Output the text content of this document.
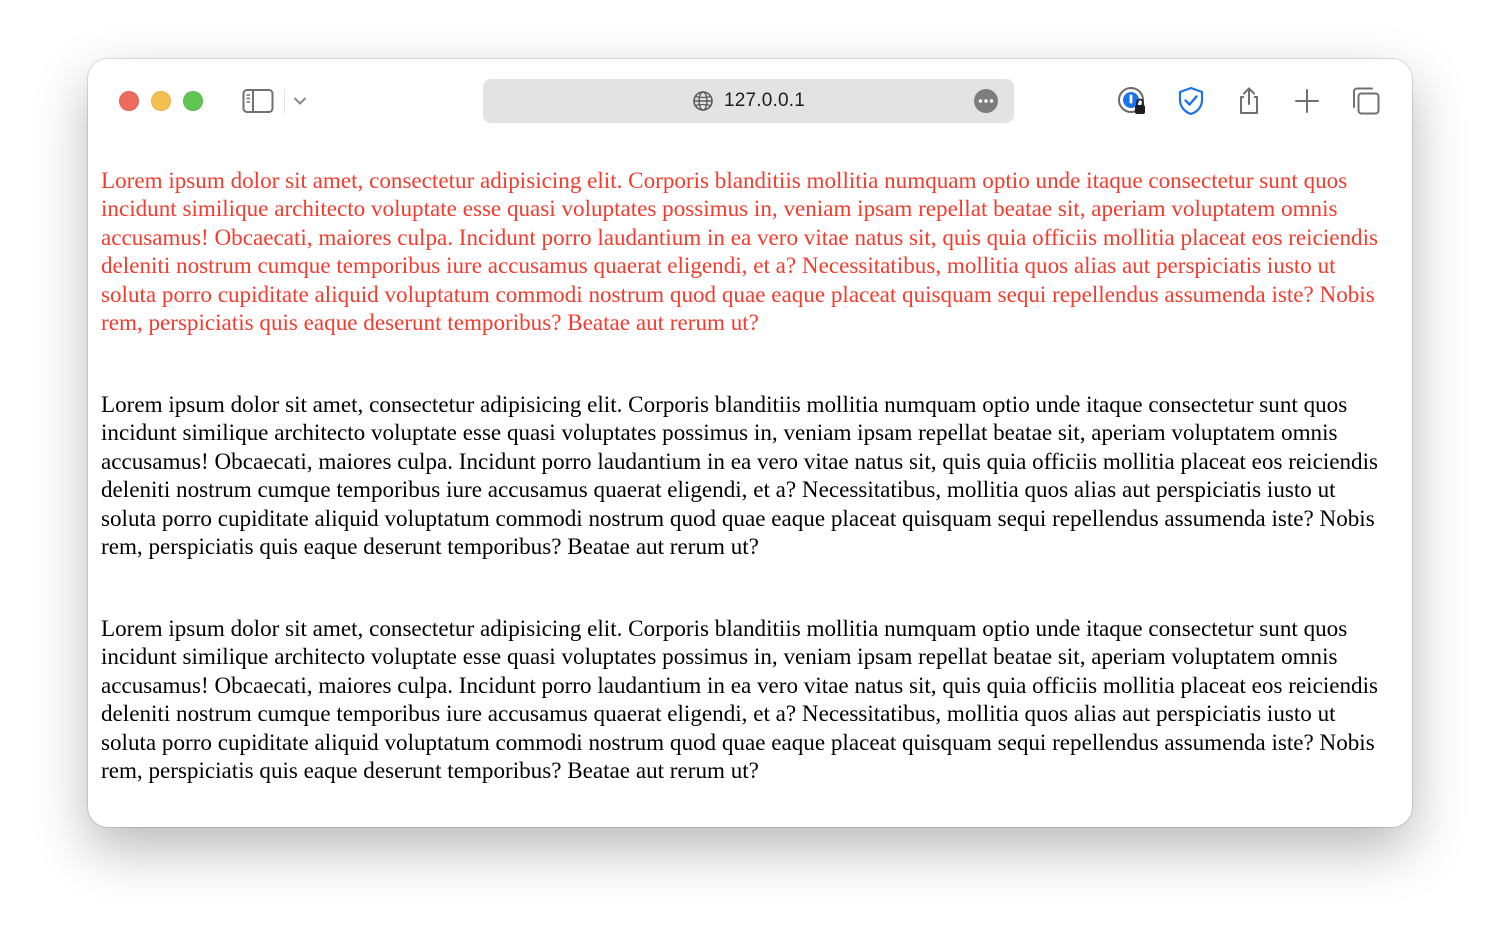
127.0.0.1

Lorem ipsum dolor sit amet, consectetur adipisicing elit. Corporis blanditiis mollitia numquam optio unde itaque consectetur sunt quos incidunt similique architecto voluptate esse quasi voluptates possimus in, veniam ipsam repellat beatae sit, aperiam voluptatem omnis accusamus! Obcaecati, maiores culpa. Incidunt porro laudantium in ea vero vitae natus sit, quis quia officiis mollitia placeat eos reiciendis deleniti nostrum cumque temporibus iure accusamus quaerat eligendi, et a? Necessitatibus, mollitia quos alias aut perspiciatis iusto ut soluta porro cupiditate aliquid voluptatum commodi nostrum quod quae eaque placeat quisquam sequi repellendus assumenda iste? Nobis rem, perspiciatis quis eaque deserunt temporibus? Beatae aut rerum ut?

Lorem ipsum dolor sit amet, consectetur adipisicing elit. Corporis blanditiis mollitia numquam optio unde itaque consectetur sunt quos incidunt similique architecto voluptate esse quasi voluptates possimus in, veniam ipsam repellat beatae sit, aperiam voluptatem omnis accusamus! Obcaecati, maiores culpa. Incidunt porro laudantium in ea vero vitae natus sit, quis quia officiis mollitia placeat eos reiciendis deleniti nostrum cumque temporibus iure accusamus quaerat eligendi, et a? Necessitatibus, mollitia quos alias aut perspiciatis iusto ut soluta porro cupiditate aliquid voluptatum commodi nostrum quod quae eaque placeat quisquam sequi repellendus assumenda iste? Nobis rem, perspiciatis quis eaque deserunt temporibus? Beatae aut rerum ut?

Lorem ipsum dolor sit amet, consectetur adipisicing elit. Corporis blanditiis mollitia numquam optio unde itaque consectetur sunt quos incidunt similique architecto voluptate esse quasi voluptates possimus in, veniam ipsam repellat beatae sit, aperiam voluptatem omnis accusamus! Obcaecati, maiores culpa. Incidunt porro laudantium in ea vero vitae natus sit, quis quia officiis mollitia placeat eos reiciendis deleniti nostrum cumque temporibus iure accusamus quaerat eligendi, et a? Necessitatibus, mollitia quos alias aut perspiciatis iusto ut soluta porro cupiditate aliquid voluptatum commodi nostrum quod quae eaque placeat quisquam sequi repellendus assumenda iste? Nobis rem, perspiciatis quis eaque deserunt temporibus? Beatae aut rerum ut?
